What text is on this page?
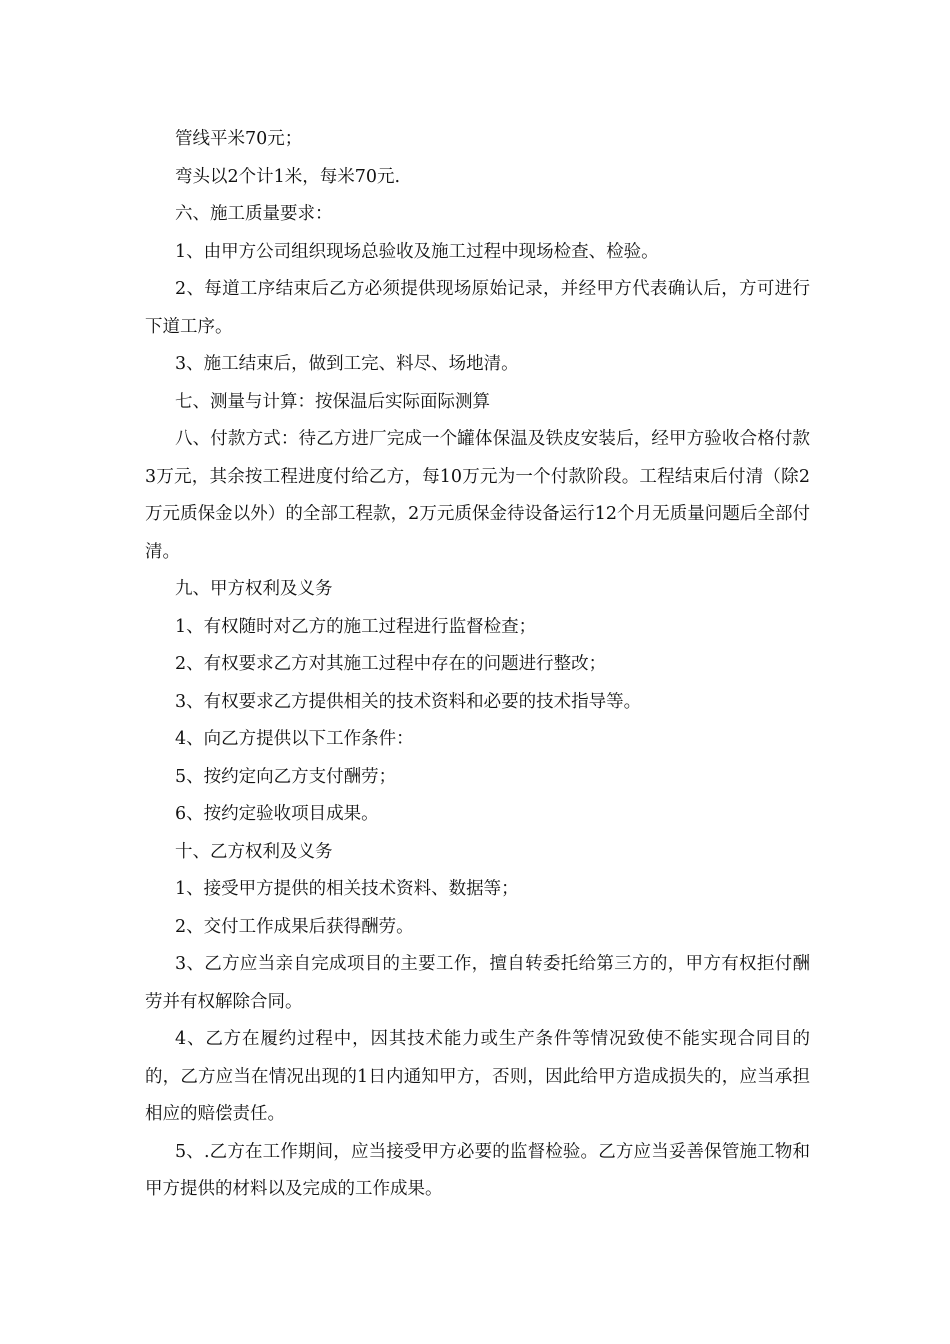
管线平米70元；

弯头以2个计1米，每米70元.

六、施工质量要求：

1、由甲方公司组织现场总验收及施工过程中现场检查、检验。

2、每道工序结束后乙方必须提供现场原始记录，并经甲方代表确认后，方可进行下道工序。

3、施工结束后，做到工完、料尽、场地清。

七、测量与计算：按保温后实际面际测算

八、付款方式：待乙方进厂完成一个罐体保温及铁皮安装后，经甲方验收合格付款3万元，其余按工程进度付给乙方，每10万元为一个付款阶段。工程结束后付清（除2万元质保金以外）的全部工程款，2万元质保金待设备运行12个月无质量问题后全部付清。

九、甲方权利及义务

1、有权随时对乙方的施工过程进行监督检查；

2、有权要求乙方对其施工过程中存在的问题进行整改；

3、有权要求乙方提供相关的技术资料和必要的技术指导等。

4、向乙方提供以下工作条件：

5、按约定向乙方支付酬劳；

6、按约定验收项目成果。

十、乙方权利及义务

1、接受甲方提供的相关技术资料、数据等；

2、交付工作成果后获得酬劳。

3、乙方应当亲自完成项目的主要工作，擅自转委托给第三方的，甲方有权拒付酬劳并有权解除合同。

4、乙方在履约过程中，因其技术能力或生产条件等情况致使不能实现合同目的的，乙方应当在情况出现的1日内通知甲方，否则，因此给甲方造成损失的，应当承担相应的赔偿责任。

5、.乙方在工作期间，应当接受甲方必要的监督检验。乙方应当妥善保管施工物和甲方提供的材料以及完成的工作成果。
